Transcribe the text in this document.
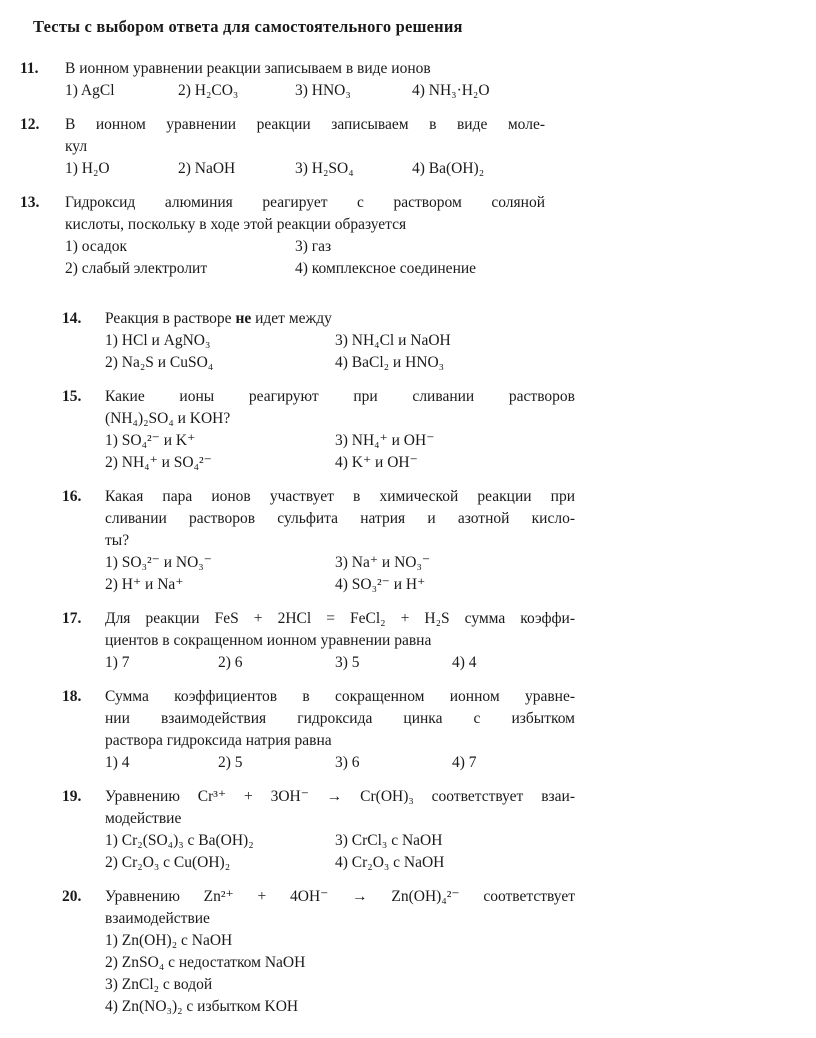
Тесты с выбором ответа для самостоятельного решения
11.	В ионном уравнении реакции записываем в виде ионов
1) AgCl	2) H₂CO₃	3) HNO₃	4) NH₃·H₂O
12.	В ионном уравнении реакции записываем в виде моле-
кул
1) H₂O	2) NaOH	3) H₂SO₄	4) Ba(OH)₂
13.	Гидроксид алюминия реагирует с раствором соляной
кислоты, поскольку в ходе этой реакции образуется
1) осадок	3) газ
2) слабый электролит	4) комплексное соединение
14.	Реакция в растворе не идет между
1) HCl и AgNO₃	3) NH₄Cl и NaOH
2) Na₂S и CuSO₄	4) BaCl₂ и HNO₃
15.	Какие ионы реагируют при сливании растворов
(NH₄)₂SO₄ и KOH?
1) SO₄²⁻ и K⁺	3) NH₄⁺ и OH⁻
2) NH₄⁺ и SO₄²⁻	4) K⁺ и OH⁻
16.	Какая пара ионов участвует в химической реакции при
сливании растворов сульфита натрия и азотной кисло-
ты?
1) SO₃²⁻ и NO₃⁻	3) Na⁺ и NO₃⁻
2) H⁺ и Na⁺	4) SO₃²⁻ и H⁺
17.	Для реакции FeS + 2HCl = FeCl₂ + H₂S сумма коэффи-
циентов в сокращенном ионном уравнении равна
1) 7	2) 6	3) 5	4) 4
18.	Сумма коэффициентов в сокращенном ионном уравне-
нии взаимодействия гидроксида цинка с избытком
раствора гидроксида натрия равна
1) 4	2) 5	3) 6	4) 7
19.	Уравнению Cr³⁺ + 3OH⁻ → Cr(OH)₃ соответствует взаи-
модействие
1) Cr₂(SO₄)₃ с Ba(OH)₂	3) CrCl₃ с NaOH
2) Cr₂O₃ с Cu(OH)₂	4) Cr₂O₃ с NaOH
20.	Уравнению Zn²⁺ + 4OH⁻ → Zn(OH)₄²⁻ соответствует
взаимодействие
1) Zn(OH)₂ с NaOH
2) ZnSO₄ с недостатком NaOH
3) ZnCl₂ с водой
4) Zn(NO₃)₂ с избытком KOH
